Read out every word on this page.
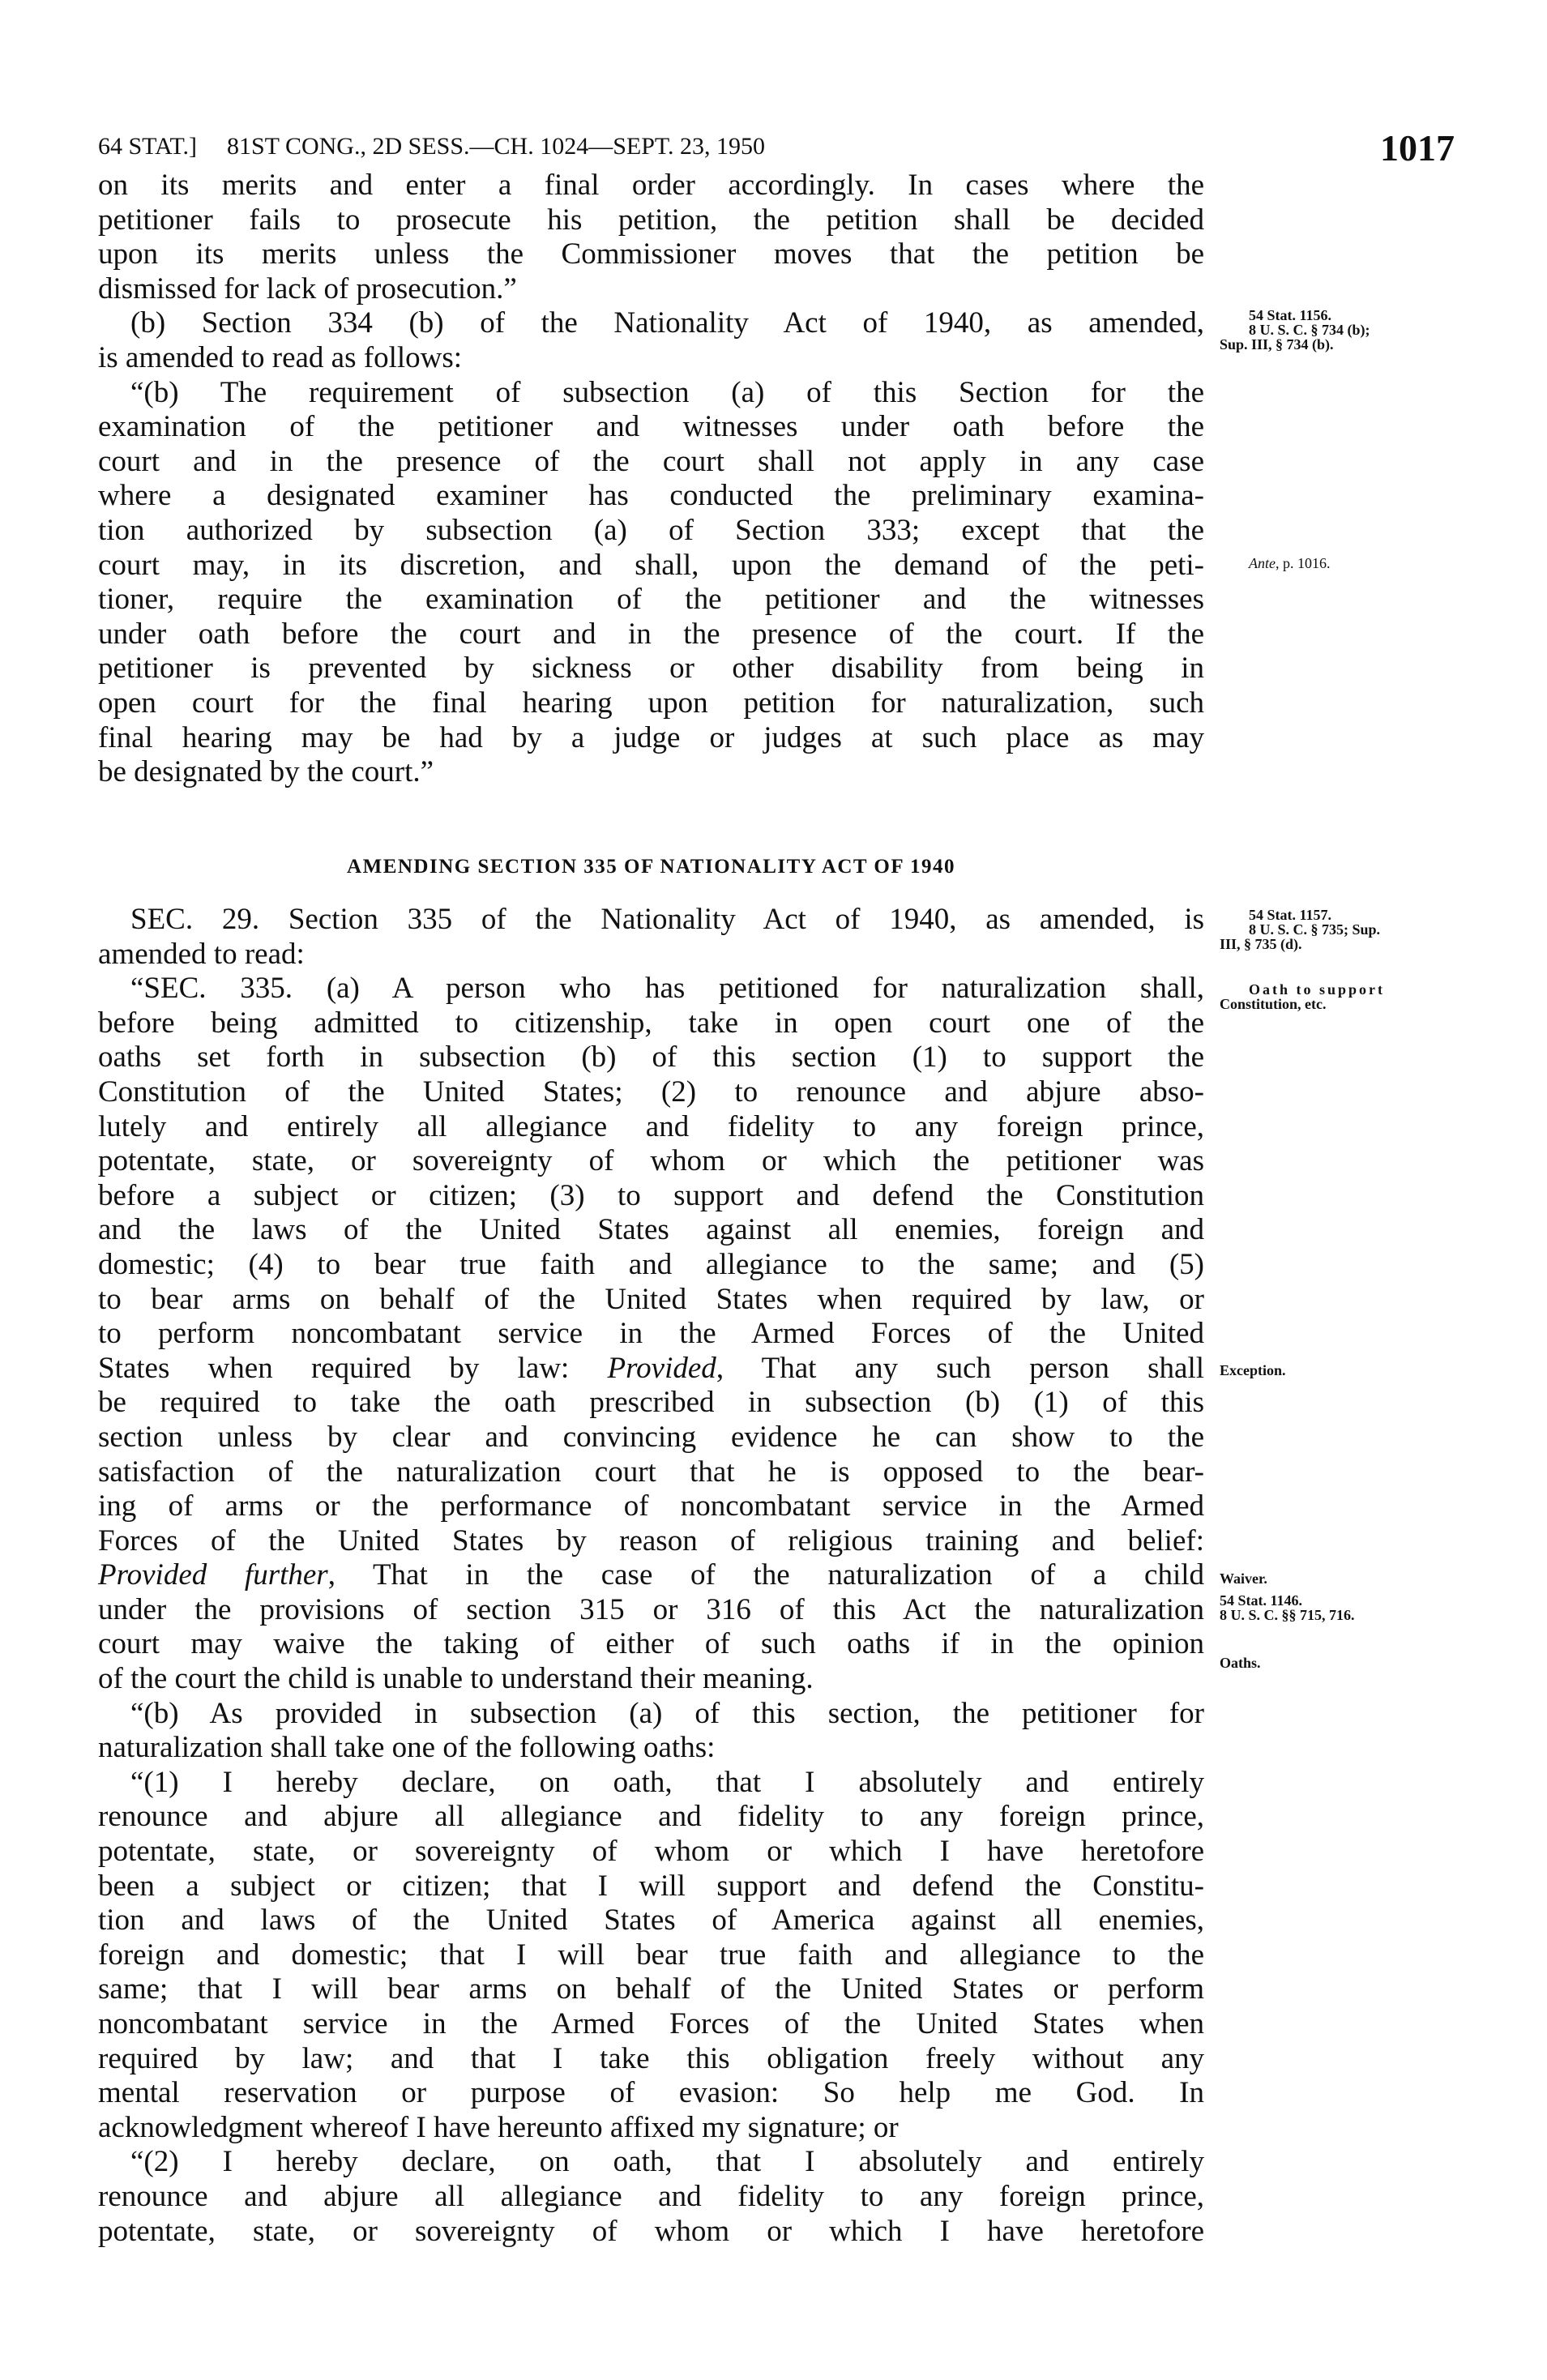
64 STAT.] 81ST CONG., 2D SESS.—CH. 1024—SEPT. 23, 1950	1017
on its merits and enter a final order accordingly. In cases where the
petitioner fails to prosecute his petition, the petition shall be decided
upon its merits unless the Commissioner moves that the petition be
dismissed for lack of prosecution.”
(b) Section 334 (b) of the Nationality Act of 1940, as amended,
is amended to read as follows:
“(b) The requirement of subsection (a) of this Section for the
examination of the petitioner and witnesses under oath before the
court and in the presence of the court shall not apply in any case
where a designated examiner has conducted the preliminary examina-
tion authorized by subsection (a) of Section 333; except that the
court may, in its discretion, and shall, upon the demand of the peti-
tioner, require the examination of the petitioner and the witnesses
under oath before the court and in the presence of the court. If the
petitioner is prevented by sickness or other disability from being in
open court for the final hearing upon petition for naturalization, such
final hearing may be had by a judge or judges at such place as may
be designated by the court.”
AMENDING SECTION 335 OF NATIONALITY ACT OF 1940
SEC. 29. Section 335 of the Nationality Act of 1940, as amended, is
amended to read:
“SEC. 335. (a) A person who has petitioned for naturalization shall,
before being admitted to citizenship, take in open court one of the
oaths set forth in subsection (b) of this section (1) to support the
Constitution of the United States; (2) to renounce and abjure abso-
lutely and entirely all allegiance and fidelity to any foreign prince,
potentate, state, or sovereignty of whom or which the petitioner was
before a subject or citizen; (3) to support and defend the Constitution
and the laws of the United States against all enemies, foreign and
domestic; (4) to bear true faith and allegiance to the same; and (5)
to bear arms on behalf of the United States when required by law, or
to perform noncombatant service in the Armed Forces of the United
States when required by law: Provided, That any such person shall
be required to take the oath prescribed in subsection (b) (1) of this
section unless by clear and convincing evidence he can show to the
satisfaction of the naturalization court that he is opposed to the bear-
ing of arms or the performance of noncombatant service in the Armed
Forces of the United States by reason of religious training and belief:
Provided further, That in the case of the naturalization of a child
under the provisions of section 315 or 316 of this Act the naturalization
court may waive the taking of either of such oaths if in the opinion
of the court the child is unable to understand their meaning.
“(b) As provided in subsection (a) of this section, the petitioner for
naturalization shall take one of the following oaths:
“(1) I hereby declare, on oath, that I absolutely and entirely
renounce and abjure all allegiance and fidelity to any foreign prince,
potentate, state, or sovereignty of whom or which I have heretofore
been a subject or citizen; that I will support and defend the Constitu-
tion and laws of the United States of America against all enemies,
foreign and domestic; that I will bear true faith and allegiance to the
same; that I will bear arms on behalf of the United States or perform
noncombatant service in the Armed Forces of the United States when
required by law; and that I take this obligation freely without any
mental reservation or purpose of evasion: So help me God. In
acknowledgment whereof I have hereunto affixed my signature; or
“(2) I hereby declare, on oath, that I absolutely and entirely
renounce and abjure all allegiance and fidelity to any foreign prince,
potentate, state, or sovereignty of whom or which I have heretofore
54 Stat. 1156.
8 U. S. C. § 734 (b);
Sup. III, § 734 (b).
Ante, p. 1016.
54 Stat. 1157.
8 U. S. C. § 735; Sup.
III, § 735 (d).
Oath to support
Constitution, etc.
Exception.
Waiver.
54 Stat. 1146.
8 U. S. C. §§ 715, 716.
Oaths.
